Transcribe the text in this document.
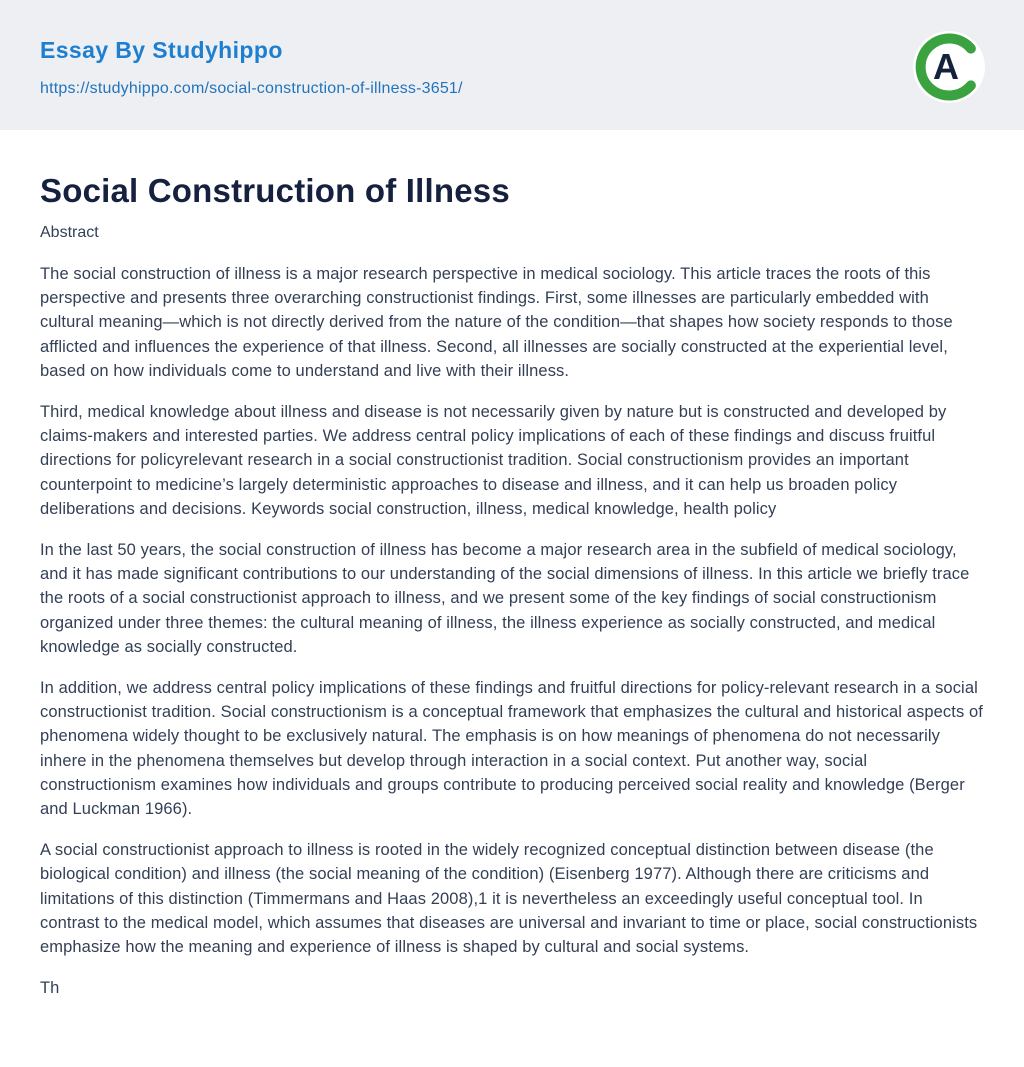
Essay By Studyhippo
https://studyhippo.com/social-construction-of-illness-3651/
A
Social Construction of Illness
Abstract

The social construction of illness is a major research perspective in medical sociology. This article traces the roots of this perspective and presents three overarching constructionist findings. First, some illnesses are particularly embedded with cultural meaning—which is not directly derived from the nature of the condition—that shapes how society responds to those afflicted and influences the experience of that illness. Second, all illnesses are socially constructed at the experiential level, based on how individuals come to understand and live with their illness.

Third, medical knowledge about illness and disease is not necessarily given by nature but is constructed and developed by claims-makers and interested parties. We address central policy implications of each of these findings and discuss fruitful directions for policyrelevant research in a social constructionist tradition. Social constructionism provides an important counterpoint to medicine’s largely deterministic approaches to disease and illness, and it can help us broaden policy deliberations and decisions. Keywords social construction, illness, medical knowledge, health policy

In the last 50 years, the social construction of illness has become a major research area in the subfield of medical sociology, and it has made significant contributions to our understanding of the social dimensions of illness. In this article we briefly trace the roots of a social constructionist approach to illness, and we present some of the key findings of social constructionism organized under three themes: the cultural meaning of illness, the illness experience as socially constructed, and medical knowledge as socially constructed.

In addition, we address central policy implications of these findings and fruitful directions for policy-relevant research in a social constructionist tradition. Social constructionism is a conceptual framework that emphasizes the cultural and historical aspects of phenomena widely thought to be exclusively natural. The emphasis is on how meanings of phenomena do not necessarily inhere in the phenomena themselves but develop through interaction in a social context. Put another way, social constructionism examines how individuals and groups contribute to producing perceived social reality and knowledge (Berger and Luckman 1966).

A social constructionist approach to illness is rooted in the widely recognized conceptual distinction between disease (the biological condition) and illness (the social meaning of the condition) (Eisenberg 1977). Although there are criticisms and limitations of this distinction (Timmermans and Haas 2008),1 it is nevertheless an exceedingly useful conceptual tool. In contrast to the medical model, which assumes that diseases are universal and invariant to time or place, social constructionists emphasize how the meaning and experience of illness is shaped by cultural and social systems.

Th
